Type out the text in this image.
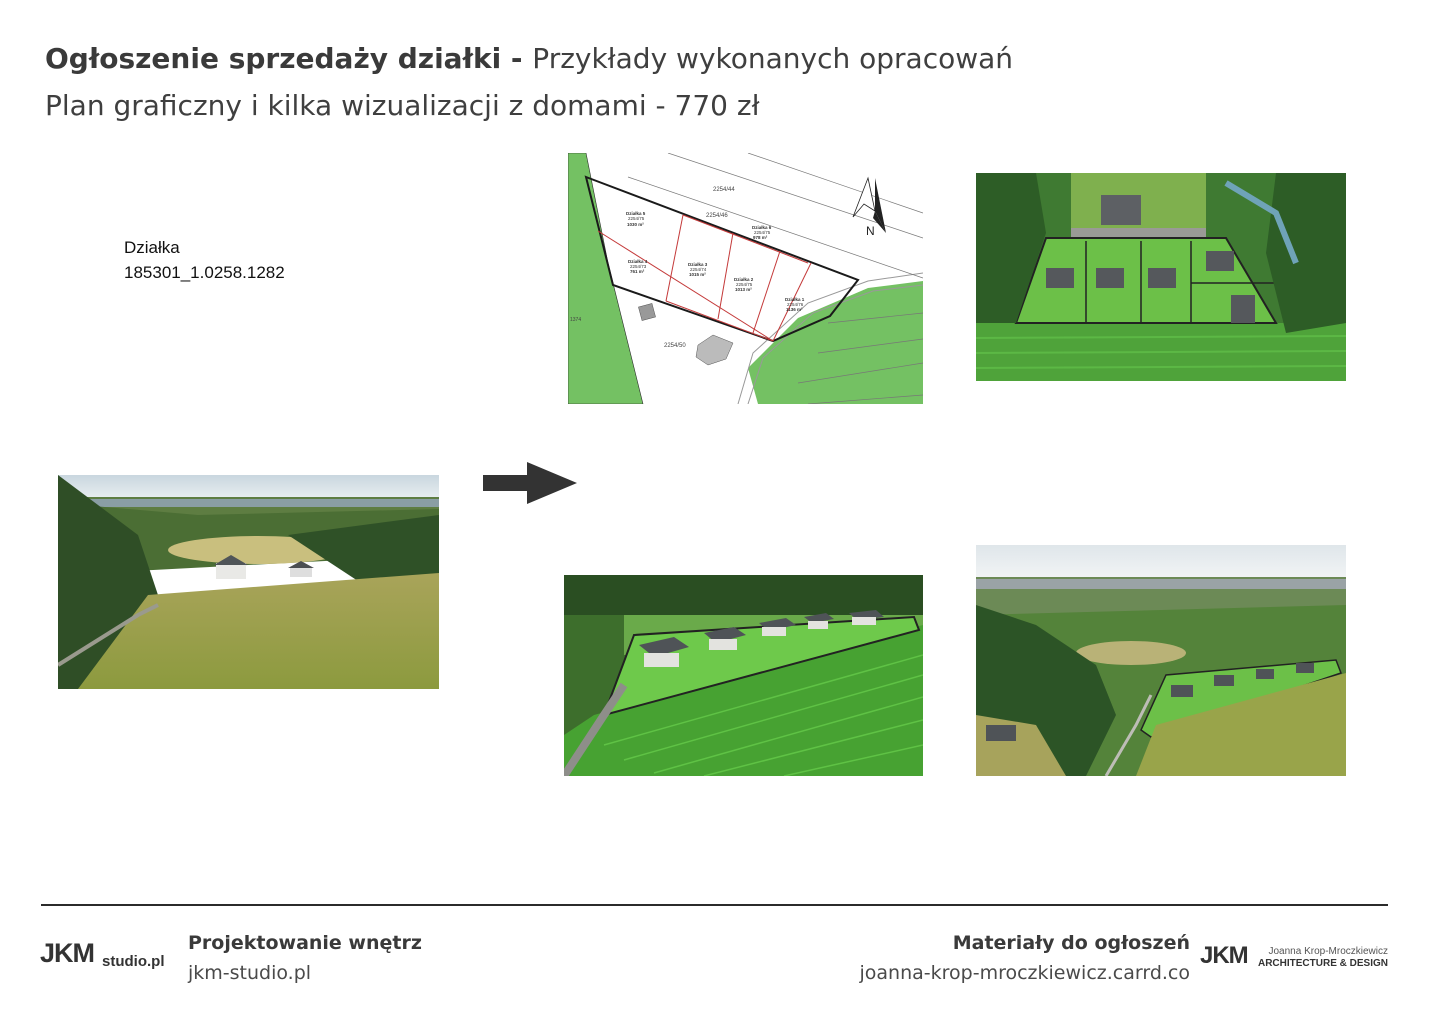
Ogłoszenie sprzedaży działki - Przykłady wykonanych opracowań
Plan graficzny i kilka wizualizacji z domami - 770 zł
Działka
185301_1.0258.1282
N
2254/44
2254/46
2254/50
1374
Działka 5
2254/75
1030 m²
Działka 6
2254/75
978 m²
Działka 4
2254/73
761 m²
Działka 3
2254/74
1015 m²
Działka 2
2254/75
1013 m²
Działka 1
2254/76
1136 m²
JKM studio.pl
Projektowanie wnętrz
jkm-studio.pl
Materiały do ogłoszeń
joanna-krop-mroczkiewicz.carrd.co
JKM Joanna Krop-Mroczkiewicz
ARCHITECTURE & DESIGN
